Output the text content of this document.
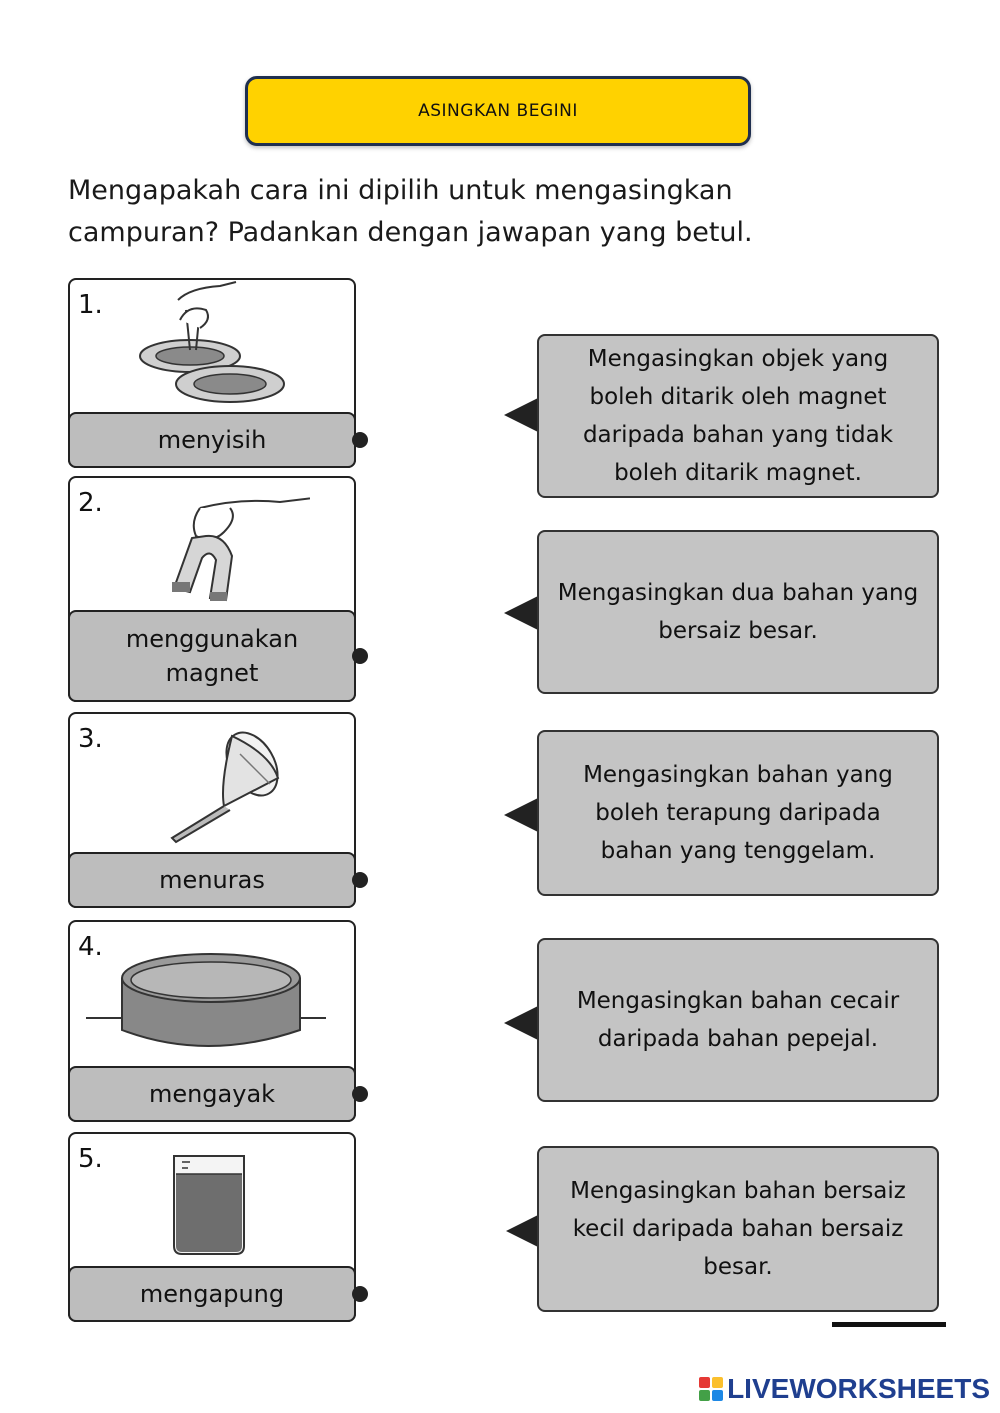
ASINGKAN BEGINI
Mengapakah cara ini dipilih untuk mengasingkan
campuran? Padankan dengan jawapan yang betul.
1.
menyisih
2.
menggunakan magnet
3.
menuras
4.
mengayak
5.
mengapung
Mengasingkan objek yang boleh ditarik oleh magnet daripada bahan yang tidak boleh ditarik magnet.
Mengasingkan dua bahan yang bersaiz besar.
Mengasingkan bahan yang boleh terapung daripada bahan yang tenggelam.
Mengasingkan bahan cecair daripada bahan pepejal.
Mengasingkan bahan bersaiz kecil daripada bahan bersaiz besar.
LIVEWORKSHEETS
